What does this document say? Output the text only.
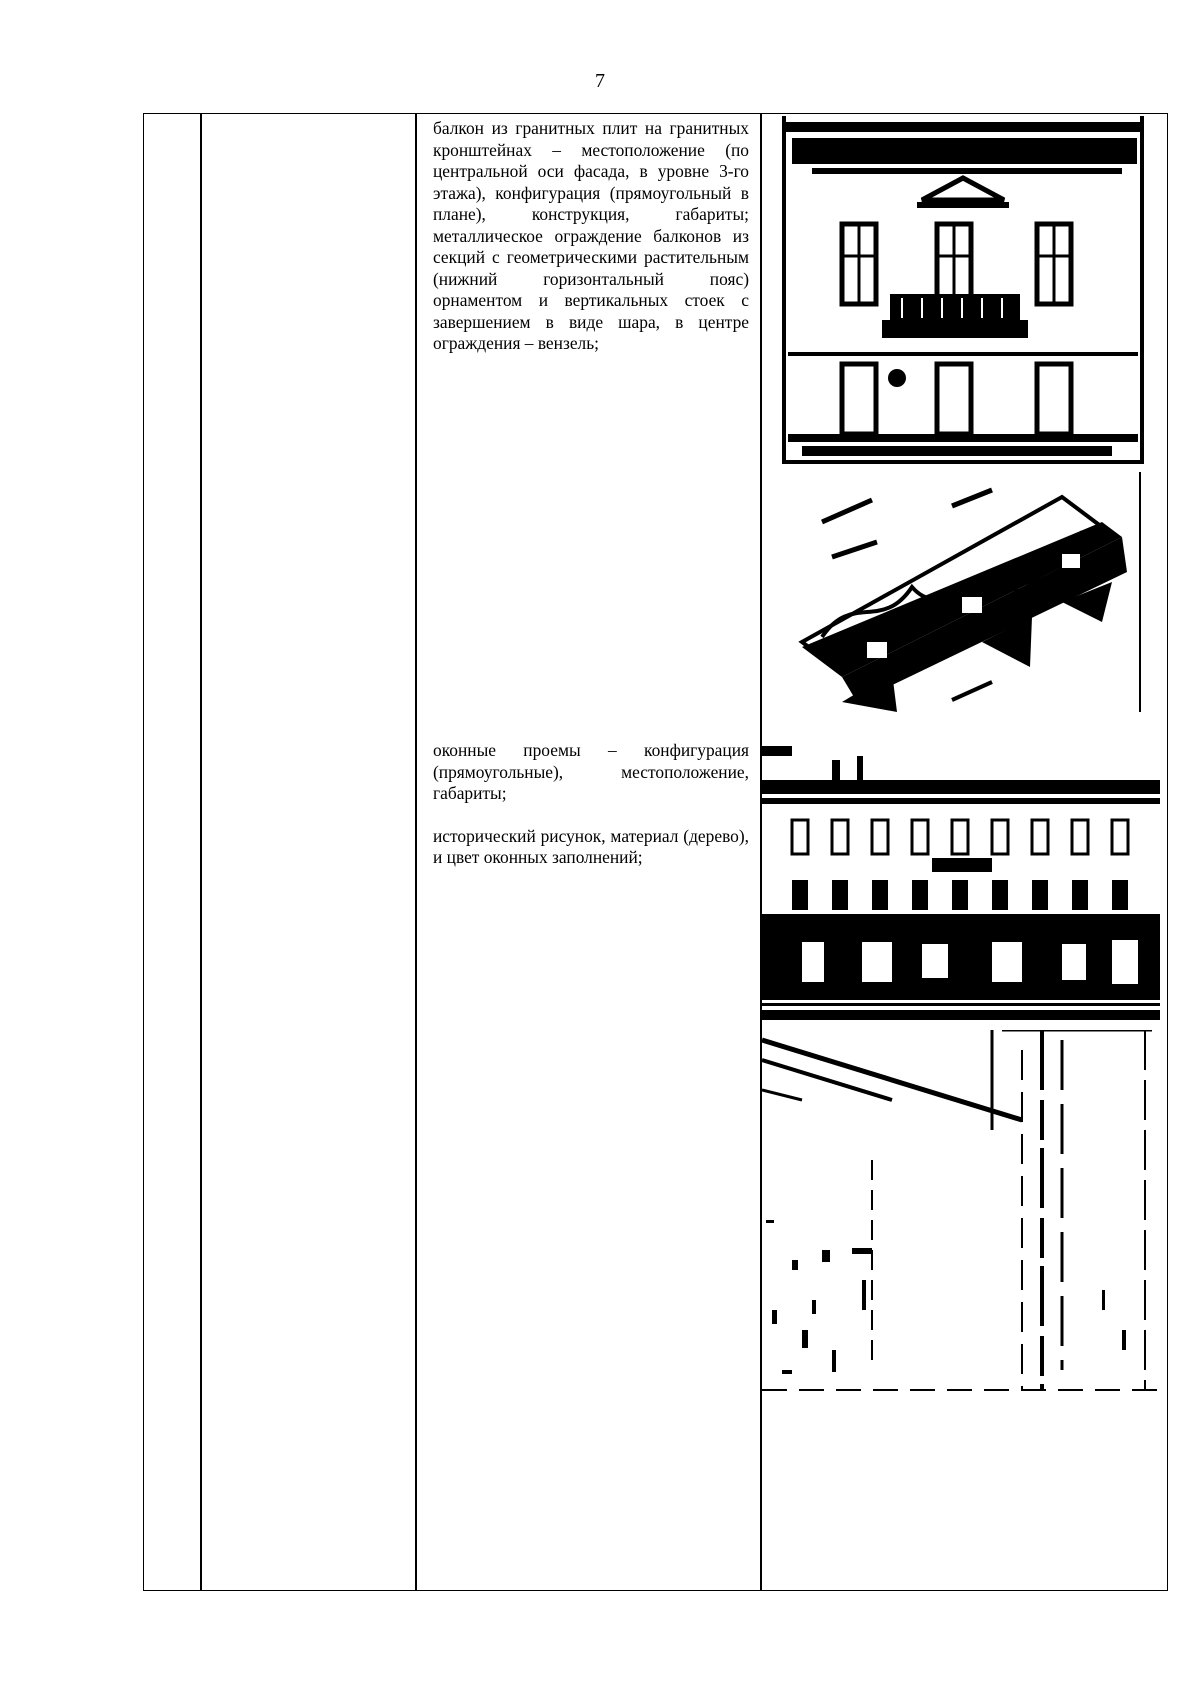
7

балкон из гранитных плит на гранитных кронштейнах – местоположение (по центральной оси фасада, в уровне 3-го этажа), конфигурация (прямоугольный в плане), конструкция, габариты; металлическое ограждение балконов из секций с геометрическими растительным (нижний горизонтальный пояс) орнаментом и вертикальных стоек с завершением в виде шара, в центре ограждения – вензель;

оконные проемы – конфигурация (прямоугольные), местоположение, габариты;

исторический рисунок, материал (дерево), и цвет оконных заполнений;
